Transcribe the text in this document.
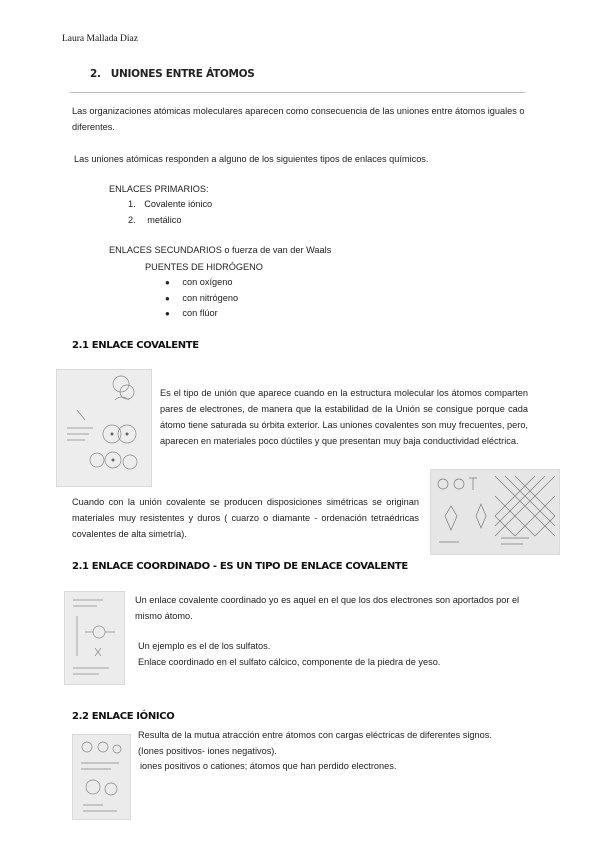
Laura Mallada Díaz
2. UNIONES ENTRE ÁTOMOS
Las organizaciones atómicas moleculares aparecen como consecuencia de las uniones entre átomos iguales o diferentes.
Las uniones atómicas responden a alguno de los siguientes tipos de enlaces químicos.
ENLACES PRIMARIOS:
1. Covalente iónico
2. metálico
ENLACES SECUNDARIOS o fuerza de van der Waals
PUENTES DE HIDRÓGENO
● con oxígeno
● con nitrógeno
● con flúor
2.1 ENLACE COVALENTE
Es el tipo de unión que aparece cuando en la estructura molecular los átomos comparten pares de electrones, de manera que la estabilidad de la Unión se consigue porque cada átomo tiene saturada su órbita exterior. Las uniones covalentes son muy frecuentes, pero, aparecen en materiales poco dúctiles y que presentan muy baja conductividad eléctrica.
Cuando con la unión covalente se producen disposiciones simétricas se originan materiales muy resistentes y duros ( cuarzo o diamante - ordenación tetraédricas covalentes de alta simetría).
2.1 ENLACE COORDINADO - ES UN TIPO DE ENLACE COVALENTE
Un enlace covalente coordinado yo es aquel en el que los dos electrones son aportados por el mismo átomo.
Un ejemplo es el de los sulfatos.
Enlace coordinado en el sulfato cálcico, componente de la piedra de yeso.
2.2 ENLACE IÓNICO
Resulta de la mutua atracción entre átomos con cargas eléctricas de diferentes signos.
(Iones positivos- iones negativos).
iones positivos o cationes; átomos que han perdido electrones.
